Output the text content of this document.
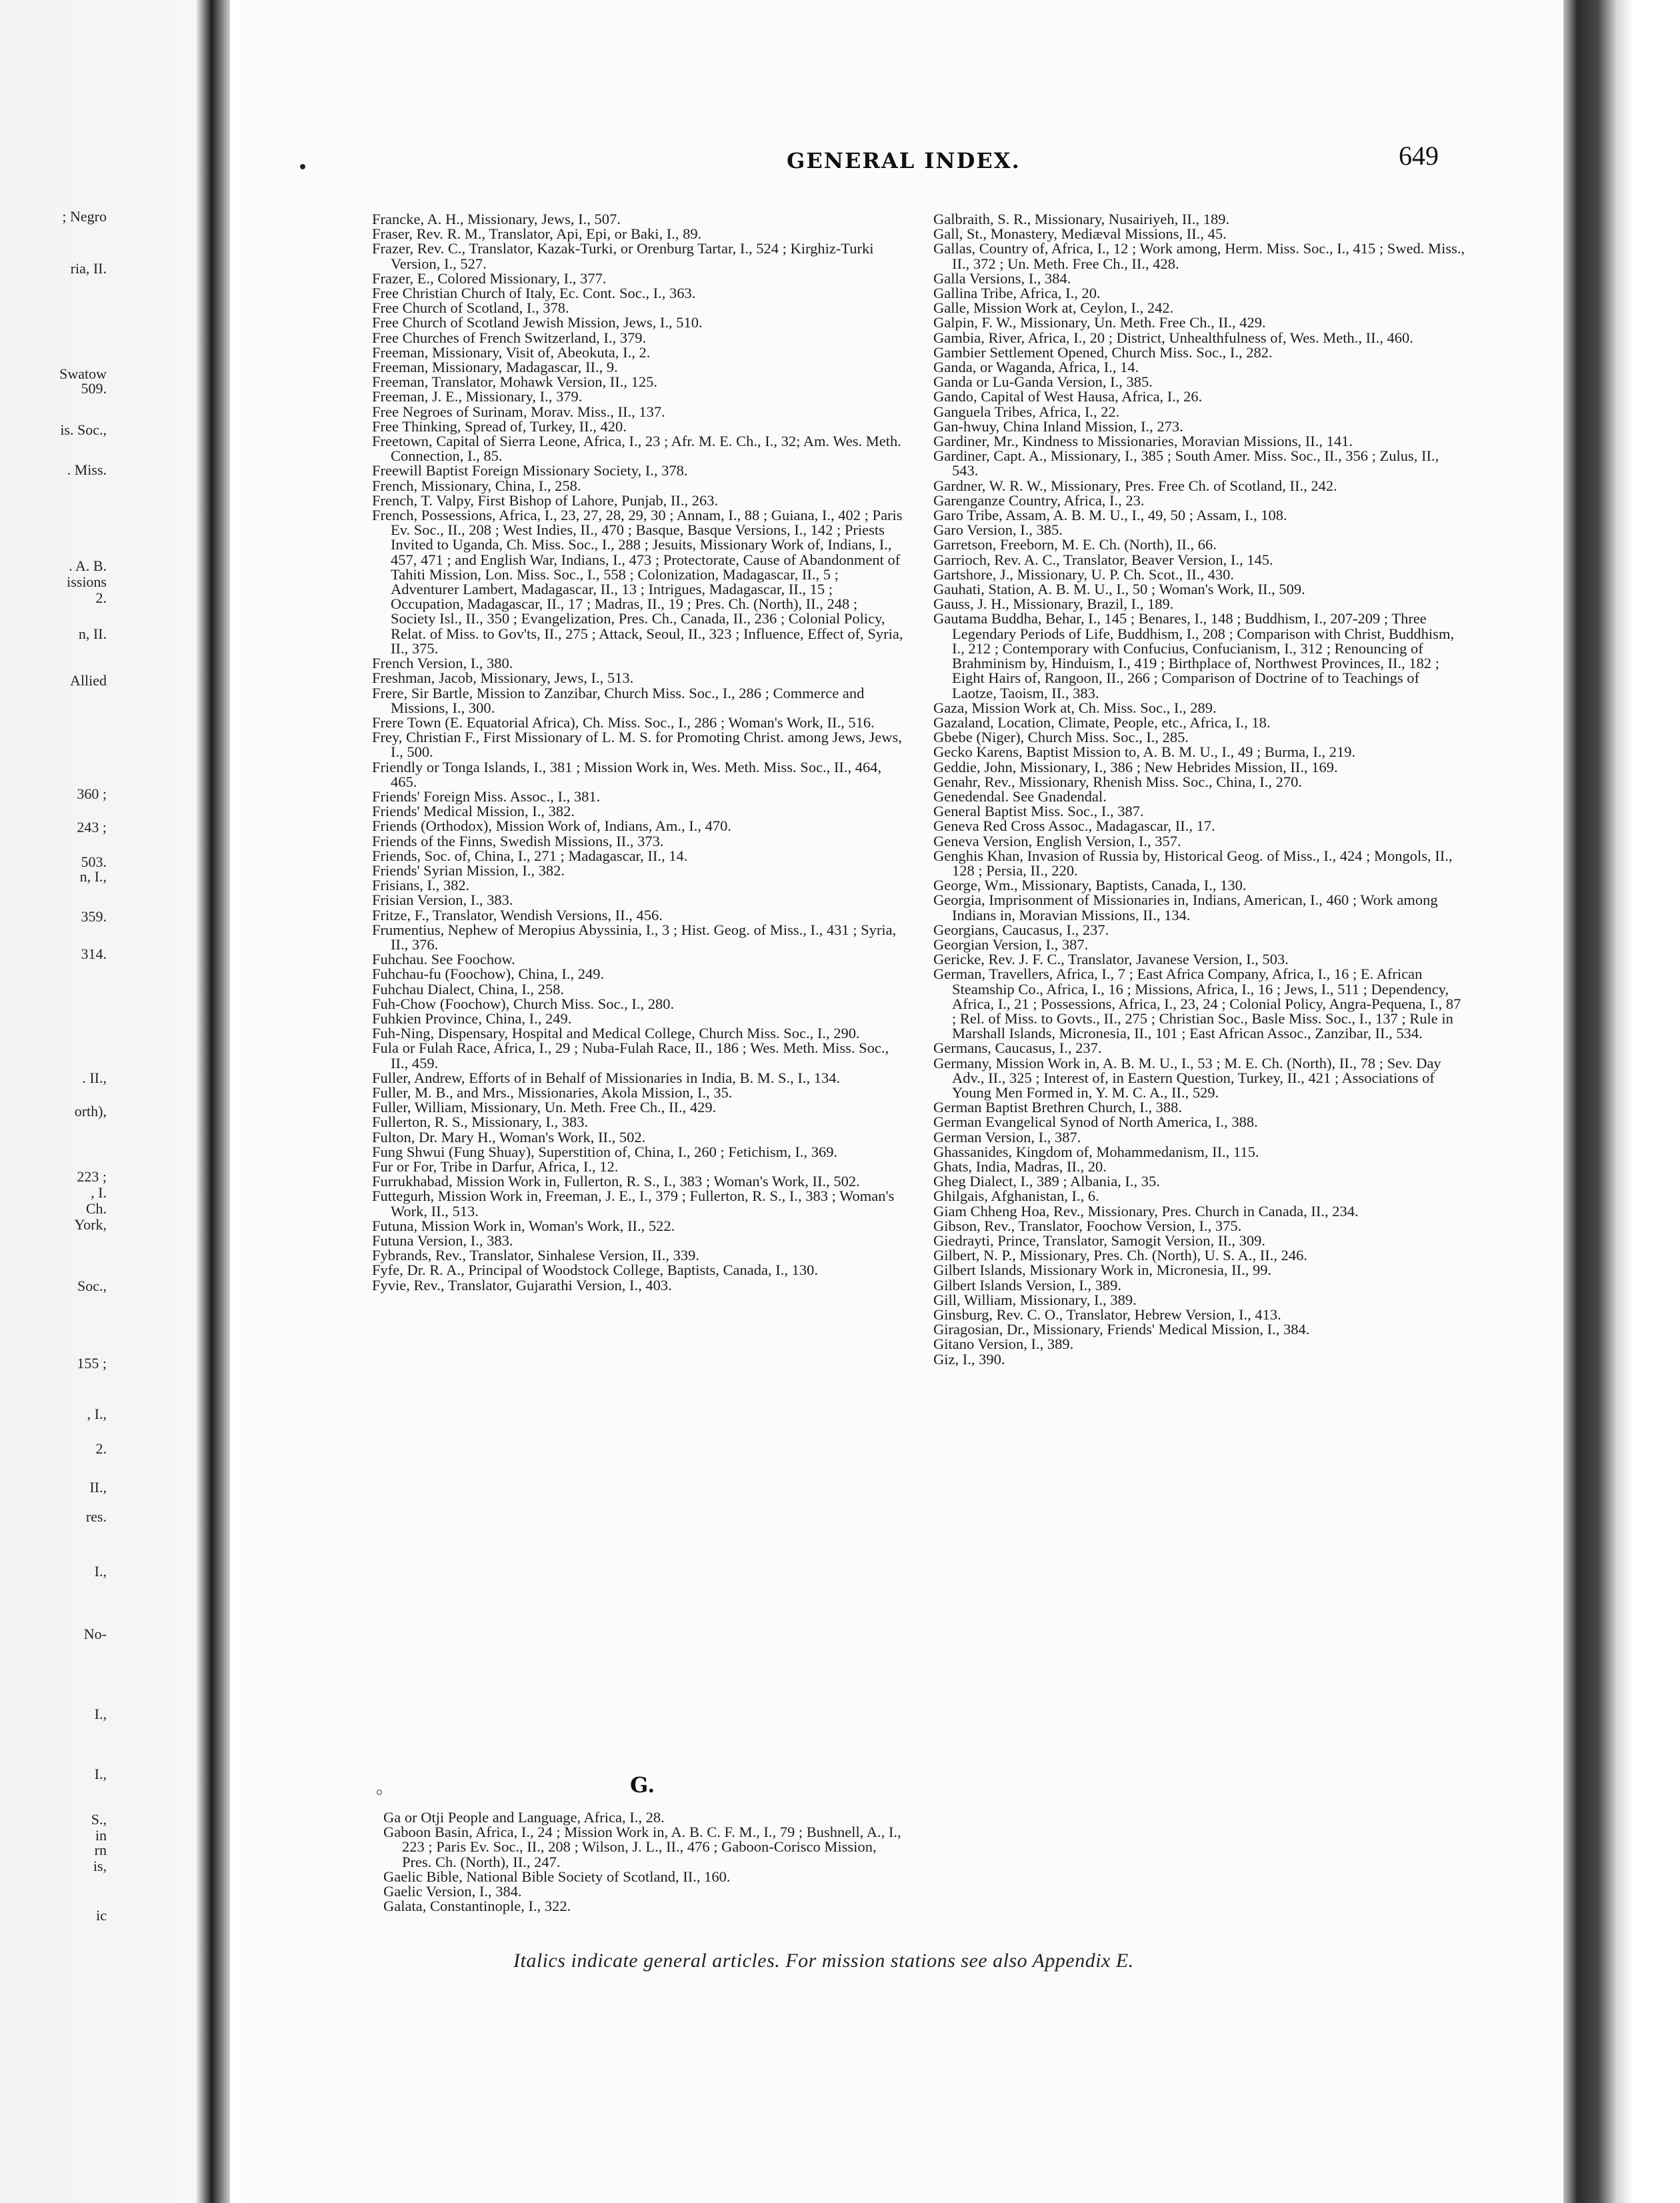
; Negro
ria, II.
Swatow
509.
is. Soc.,
. Miss.
. A. B.
issions
2.
n, II.
Allied
360 ;
243 ;
503.
n, I.,
359.
314.
. II.,
orth),
223 ;
, I.
Ch.
York,
Soc.,
155 ;
, I.,
2.
II.,
res.
I.,
No-
I.,
I.,
S.,
in
rn
is,
ic
GENERAL INDEX.	649
Francke, A. H., Missionary, Jews, I., 507.
Fraser, Rev. R. M., Translator, Api, Epi, or Baki, I., 89.
Frazer, Rev. C., Translator, Kazak-Turki, or Orenburg Tartar, I., 524 ; Kirghiz-Turki Version, I., 527.
Frazer, E., Colored Missionary, I., 377.
Free Christian Church of Italy, Ec. Cont. Soc., I., 363.
Free Church of Scotland, I., 378.
Free Church of Scotland Jewish Mission, Jews, I., 510.
Free Churches of French Switzerland, I., 379.
Freeman, Missionary, Visit of, Abeokuta, I., 2.
Freeman, Missionary, Madagascar, II., 9.
Freeman, Translator, Mohawk Version, II., 125.
Freeman, J. E., Missionary, I., 379.
Free Negroes of Surinam, Morav. Miss., II., 137.
Free Thinking, Spread of, Turkey, II., 420.
Freetown, Capital of Sierra Leone, Africa, I., 23 ; Afr. M. E. Ch., I., 32; Am. Wes. Meth. Connection, I., 85.
Freewill Baptist Foreign Missionary Society, I., 378.
French, Missionary, China, I., 258.
French, T. Valpy, First Bishop of Lahore, Punjab, II., 263.
French, Possessions, Africa, I., 23, 27, 28, 29, 30 ; Annam, I., 88 ; Guiana, I., 402 ; Paris Ev. Soc., II., 208 ; West Indies, II., 470 ; Basque, Basque Versions, I., 142 ; Priests Invited to Uganda, Ch. Miss. Soc., I., 288 ; Jesuits, Missionary Work of, Indians, I., 457, 471 ; and English War, Indians, I., 473 ; Protectorate, Cause of Abandonment of Tahiti Mission, Lon. Miss. Soc., I., 558 ; Colonization, Madagascar, II., 5 ; Adventurer Lambert, Madagascar, II., 13 ; Intrigues, Madagascar, II., 15 ; Occupation, Madagascar, II., 17 ; Madras, II., 19 ; Pres. Ch. (North), II., 248 ; Society Isl., II., 350 ; Evangelization, Pres. Ch., Canada, II., 236 ; Colonial Policy, Relat. of Miss. to Gov'ts, II., 275 ; Attack, Seoul, II., 323 ; Influence, Effect of, Syria, II., 375.
French Version, I., 380.
Freshman, Jacob, Missionary, Jews, I., 513.
Frere, Sir Bartle, Mission to Zanzibar, Church Miss. Soc., I., 286 ; Commerce and Missions, I., 300.
Frere Town (E. Equatorial Africa), Ch. Miss. Soc., I., 286 ; Woman's Work, II., 516.
Frey, Christian F., First Missionary of L. M. S. for Promoting Christ. among Jews, Jews, I., 500.
Friendly or Tonga Islands, I., 381 ; Mission Work in, Wes. Meth. Miss. Soc., II., 464, 465.
Friends' Foreign Miss. Assoc., I., 381.
Friends' Medical Mission, I., 382.
Friends (Orthodox), Mission Work of, Indians, Am., I., 470.
Friends of the Finns, Swedish Missions, II., 373.
Friends, Soc. of, China, I., 271 ; Madagascar, II., 14.
Friends' Syrian Mission, I., 382.
Frisians, I., 382.
Frisian Version, I., 383.
Fritze, F., Translator, Wendish Versions, II., 456.
Frumentius, Nephew of Meropius Abyssinia, I., 3 ; Hist. Geog. of Miss., I., 431 ; Syria, II., 376.
Fuhchau. See Foochow.
Fuhchau-fu (Foochow), China, I., 249.
Fuhchau Dialect, China, I., 258.
Fuh-Chow (Foochow), Church Miss. Soc., I., 280.
Fuhkien Province, China, I., 249.
Fuh-Ning, Dispensary, Hospital and Medical College, Church Miss. Soc., I., 290.
Fula or Fulah Race, Africa, I., 29 ; Nuba-Fulah Race, II., 186 ; Wes. Meth. Miss. Soc., II., 459.
Fuller, Andrew, Efforts of in Behalf of Missionaries in India, B. M. S., I., 134.
Fuller, M. B., and Mrs., Missionaries, Akola Mission, I., 35.
Fuller, William, Missionary, Un. Meth. Free Ch., II., 429.
Fullerton, R. S., Missionary, I., 383.
Fulton, Dr. Mary H., Woman's Work, II., 502.
Fung Shwui (Fung Shuay), Superstition of, China, I., 260 ; Fetichism, I., 369.
Fur or For, Tribe in Darfur, Africa, I., 12.
Furrukhabad, Mission Work in, Fullerton, R. S., I., 383 ; Woman's Work, II., 502.
Futtegurh, Mission Work in, Freeman, J. E., I., 379 ; Fullerton, R. S., I., 383 ; Woman's Work, II., 513.
Futuna, Mission Work in, Woman's Work, II., 522.
Futuna Version, I., 383.
Fybrands, Rev., Translator, Sinhalese Version, II., 339.
Fyfe, Dr. R. A., Principal of Woodstock College, Baptists, Canada, I., 130.
Fyvie, Rev., Translator, Gujarathi Version, I., 403.
Galbraith, S. R., Missionary, Nusairiyeh, II., 189.
Gall, St., Monastery, Mediæval Missions, II., 45.
Gallas, Country of, Africa, I., 12 ; Work among, Herm. Miss. Soc., I., 415 ; Swed. Miss., II., 372 ; Un. Meth. Free Ch., II., 428.
Galla Versions, I., 384.
Gallina Tribe, Africa, I., 20.
Galle, Mission Work at, Ceylon, I., 242.
Galpin, F. W., Missionary, Un. Meth. Free Ch., II., 429.
Gambia, River, Africa, I., 20 ; District, Unhealthfulness of, Wes. Meth., II., 460.
Gambier Settlement Opened, Church Miss. Soc., I., 282.
Ganda, or Waganda, Africa, I., 14.
Ganda or Lu-Ganda Version, I., 385.
Gando, Capital of West Hausa, Africa, I., 26.
Ganguela Tribes, Africa, I., 22.
Gan-hwuy, China Inland Mission, I., 273.
Gardiner, Mr., Kindness to Missionaries, Moravian Missions, II., 141.
Gardiner, Capt. A., Missionary, I., 385 ; South Amer. Miss. Soc., II., 356 ; Zulus, II., 543.
Gardner, W. R. W., Missionary, Pres. Free Ch. of Scotland, II., 242.
Garenganze Country, Africa, I., 23.
Garo Tribe, Assam, A. B. M. U., I., 49, 50 ; Assam, I., 108.
Garo Version, I., 385.
Garretson, Freeborn, M. E. Ch. (North), II., 66.
Garrioch, Rev. A. C., Translator, Beaver Version, I., 145.
Gartshore, J., Missionary, U. P. Ch. Scot., II., 430.
Gauhati, Station, A. B. M. U., I., 50 ; Woman's Work, II., 509.
Gauss, J. H., Missionary, Brazil, I., 189.
Gautama Buddha, Behar, I., 145 ; Benares, I., 148 ; Buddhism, I., 207-209 ; Three Legendary Periods of Life, Buddhism, I., 208 ; Comparison with Christ, Buddhism, I., 212 ; Contemporary with Confucius, Confucianism, I., 312 ; Renouncing of Brahminism by, Hinduism, I., 419 ; Birthplace of, Northwest Provinces, II., 182 ; Eight Hairs of, Rangoon, II., 266 ; Comparison of Doctrine of to Teachings of Laotze, Taoism, II., 383.
Gaza, Mission Work at, Ch. Miss. Soc., I., 289.
Gazaland, Location, Climate, People, etc., Africa, I., 18.
Gbebe (Niger), Church Miss. Soc., I., 285.
Gecko Karens, Baptist Mission to, A. B. M. U., I., 49 ; Burma, I., 219.
Geddie, John, Missionary, I., 386 ; New Hebrides Mission, II., 169.
Genahr, Rev., Missionary, Rhenish Miss. Soc., China, I., 270.
Genedendal. See Gnadendal.
General Baptist Miss. Soc., I., 387.
Geneva Red Cross Assoc., Madagascar, II., 17.
Geneva Version, English Version, I., 357.
Genghis Khan, Invasion of Russia by, Historical Geog. of Miss., I., 424 ; Mongols, II., 128 ; Persia, II., 220.
George, Wm., Missionary, Baptists, Canada, I., 130.
Georgia, Imprisonment of Missionaries in, Indians, American, I., 460 ; Work among Indians in, Moravian Missions, II., 134.
Georgians, Caucasus, I., 237.
Georgian Version, I., 387.
Gericke, Rev. J. F. C., Translator, Javanese Version, I., 503.
German, Travellers, Africa, I., 7 ; East Africa Company, Africa, I., 16 ; E. African Steamship Co., Africa, I., 16 ; Missions, Africa, I., 16 ; Jews, I., 511 ; Dependency, Africa, I., 21 ; Possessions, Africa, I., 23, 24 ; Colonial Policy, Angra-Pequena, I., 87 ; Rel. of Miss. to Govts., II., 275 ; Christian Soc., Basle Miss. Soc., I., 137 ; Rule in Marshall Islands, Micronesia, II., 101 ; East African Assoc., Zanzibar, II., 534.
Germans, Caucasus, I., 237.
Germany, Mission Work in, A. B. M. U., I., 53 ; M. E. Ch. (North), II., 78 ; Sev. Day Adv., II., 325 ; Interest of, in Eastern Question, Turkey, II., 421 ; Associations of Young Men Formed in, Y. M. C. A., II., 529.
German Baptist Brethren Church, I., 388.
German Evangelical Synod of North America, I., 388.
German Version, I., 387.
Ghassanides, Kingdom of, Mohammedanism, II., 115.
Ghats, India, Madras, II., 20.
Gheg Dialect, I., 389 ; Albania, I., 35.
Ghilgais, Afghanistan, I., 6.
Giam Chheng Hoa, Rev., Missionary, Pres. Church in Canada, II., 234.
Gibson, Rev., Translator, Foochow Version, I., 375.
Giedrayti, Prince, Translator, Samogit Version, II., 309.
Gilbert, N. P., Missionary, Pres. Ch. (North), U. S. A., II., 246.
Gilbert Islands, Missionary Work in, Micronesia, II., 99.
Gilbert Islands Version, I., 389.
Gill, William, Missionary, I., 389.
Ginsburg, Rev. C. O., Translator, Hebrew Version, I., 413.
Giragosian, Dr., Missionary, Friends' Medical Mission, I., 384.
Gitano Version, I., 389.
Giz, I., 390.
G.
Ga or Otji People and Language, Africa, I., 28.
Gaboon Basin, Africa, I., 24 ; Mission Work in, A. B. C. F. M., I., 79 ; Bushnell, A., I., 223 ; Paris Ev. Soc., II., 208 ; Wilson, J. L., II., 476 ; Gaboon-Corisco Mission, Pres. Ch. (North), II., 247.
Gaelic Bible, National Bible Society of Scotland, II., 160.
Gaelic Version, I., 384.
Galata, Constantinople, I., 322.
Italics indicate general articles. For mission stations see also Appendix E.
